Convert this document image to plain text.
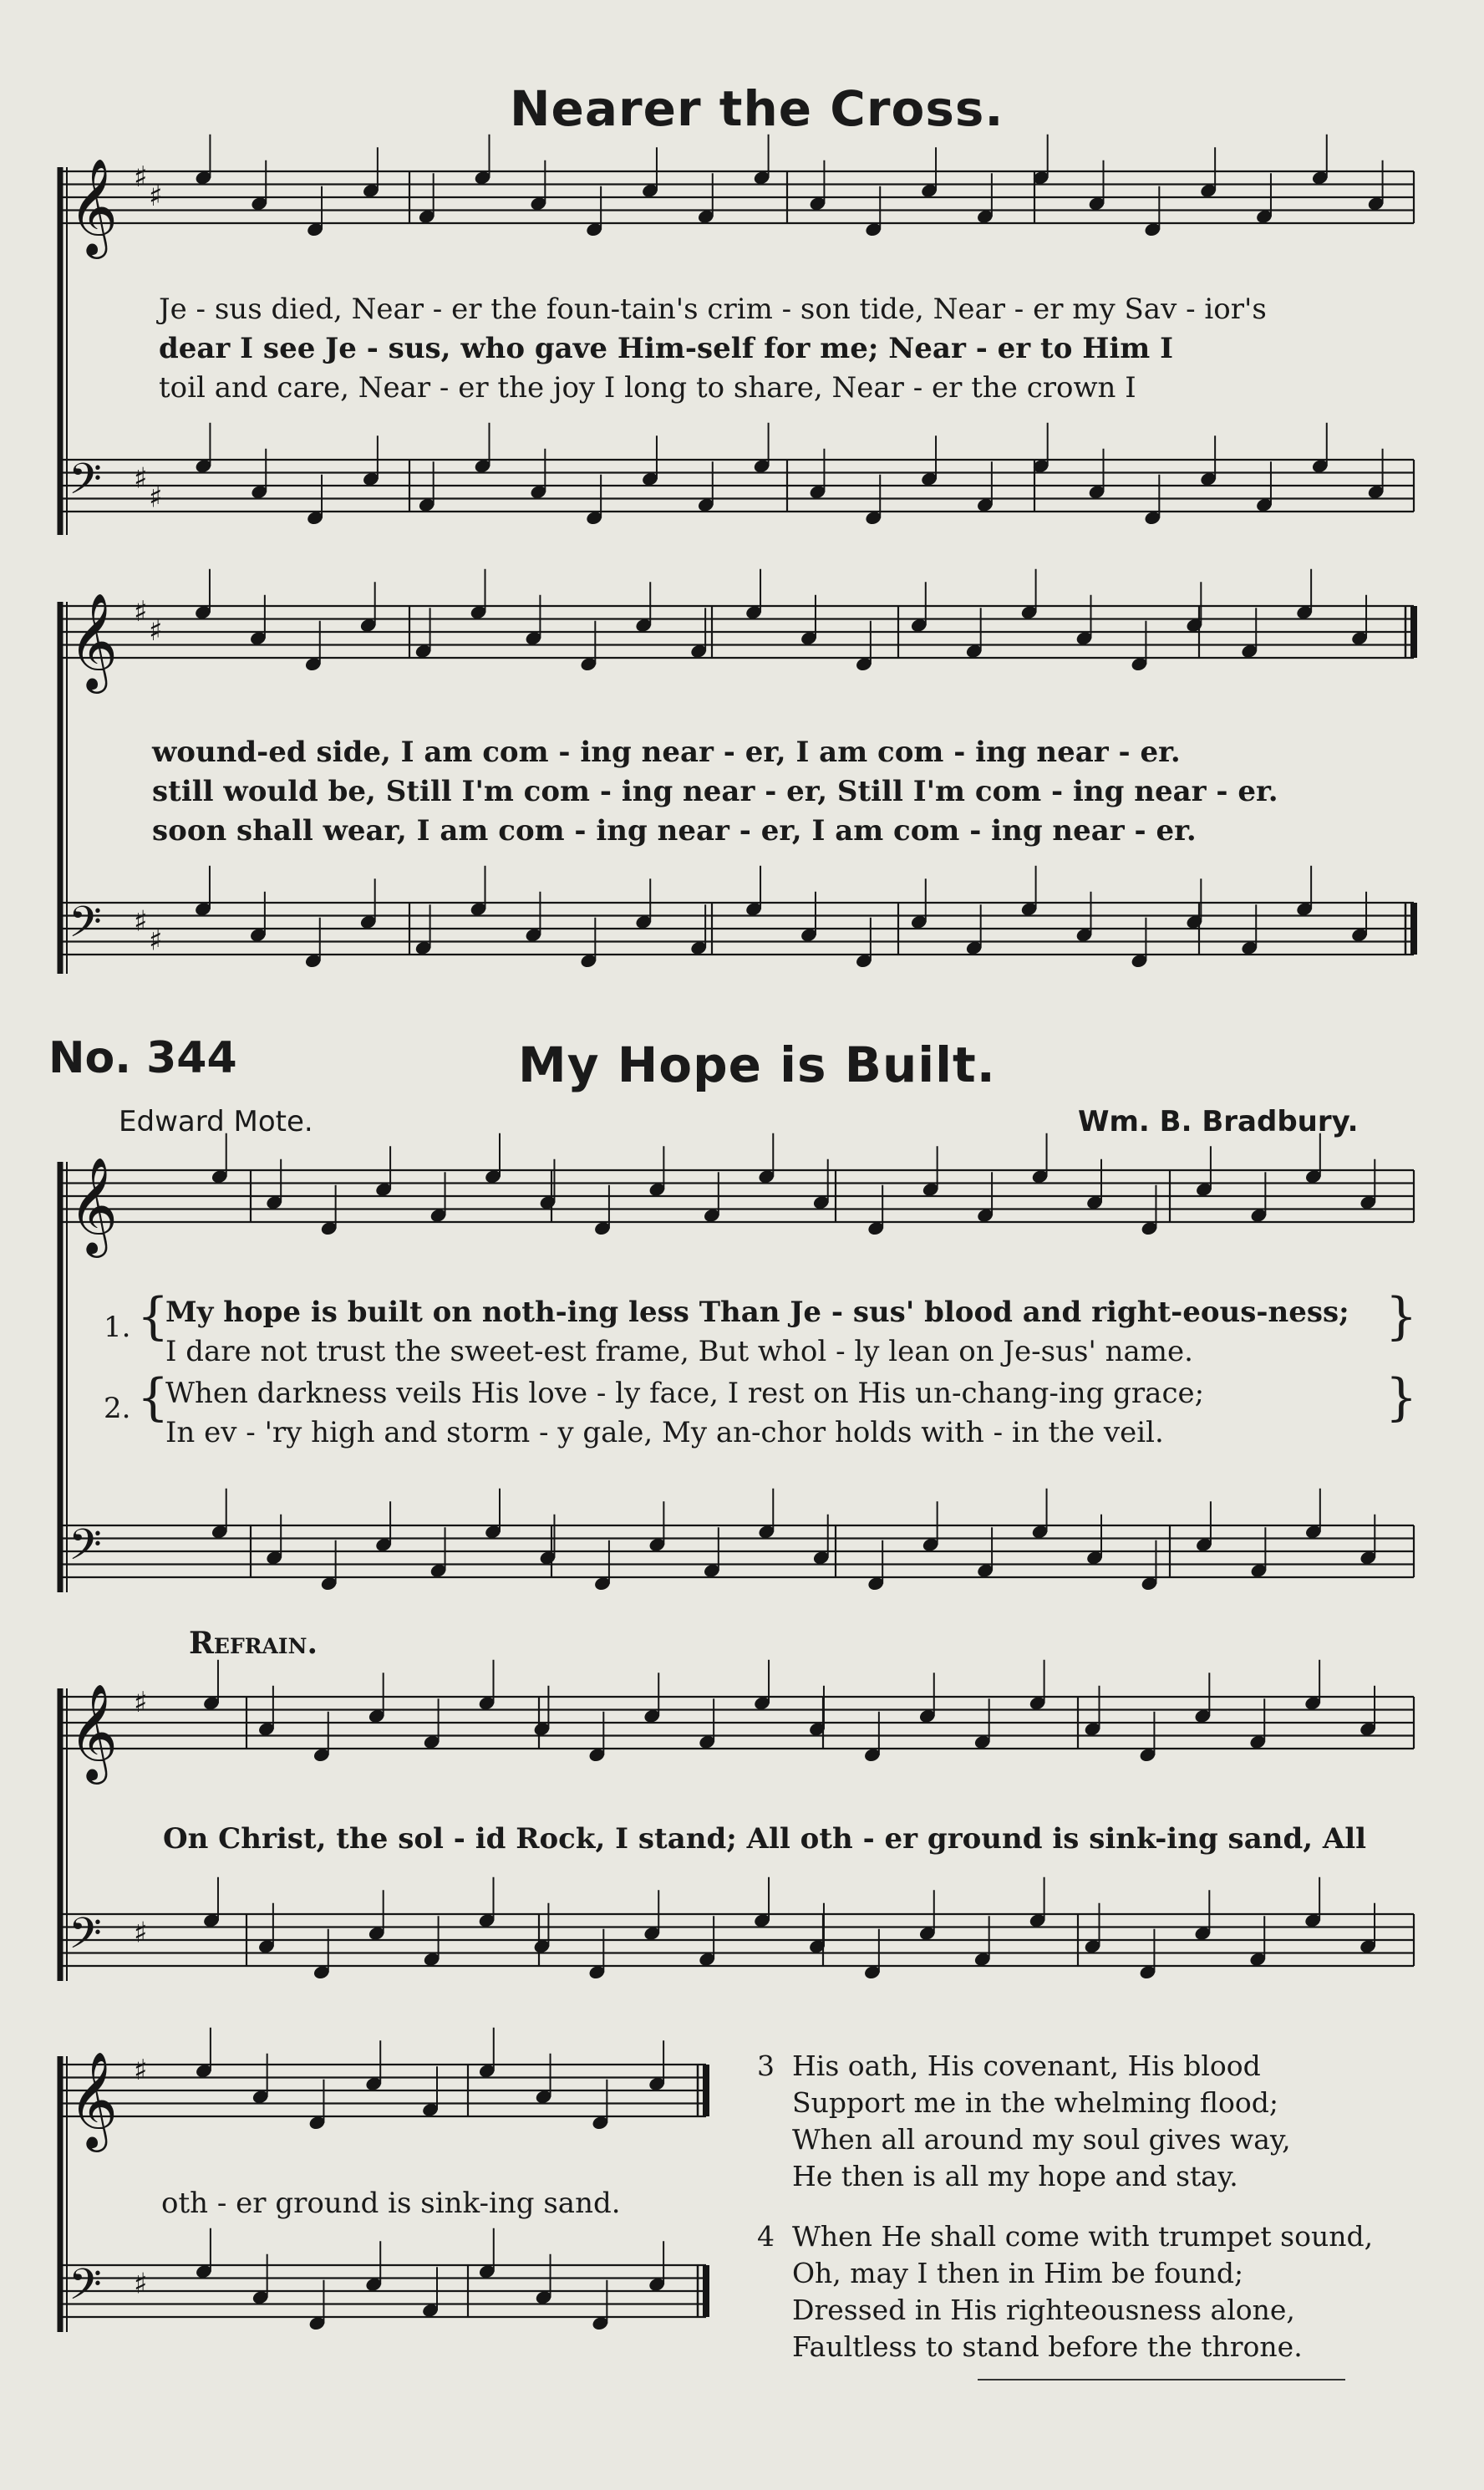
𝄞 ♯
♯
𝄢 ♯
♯
𝄞 ♯
♯
𝄢 ♯
♯
𝄞
𝄢
𝄞 ♯
𝄢 ♯
𝄞 ♯
𝄢 ♯
Nearer the Cross.
Je - sus died, Near - er the foun-tain's crim - son tide, Near - er my Sav - ior's
dear I see Je - sus, who gave Him-self for me; Near - er to Him I
toil and care, Near - er the joy I long to share, Near - er the crown I
wound-ed side, I am com - ing near - er, I am com - ing near - er.
still would be, Still I'm com - ing near - er, Still I'm com - ing near - er.
soon shall wear, I am com - ing near - er, I am com - ing near - er.
No. 344	My Hope is Built.
Edward Mote.	Wm. B. Bradbury.
1. {
My hope is built on noth-ing less Than Je - sus' blood and right-eous-ness;
I dare not trust the sweet-est frame, But whol - ly lean on Je-sus' name.
}
2. {
When darkness veils His love - ly face, I rest on His un-chang-ing grace;
In ev - 'ry high and storm - y gale, My an-chor holds with - in the veil.
}
Refrain.
On Christ, the sol - id Rock, I stand; All oth - er ground is sink-ing sand, All
oth - er ground is sink-ing sand.
3 His oath, His covenant, His blood
Support me in the whelming flood;
When all around my soul gives way,
He then is all my hope and stay.
4 When He shall come with trumpet sound,
Oh, may I then in Him be found;
Dressed in His righteousness alone,
Faultless to stand before the throne.
